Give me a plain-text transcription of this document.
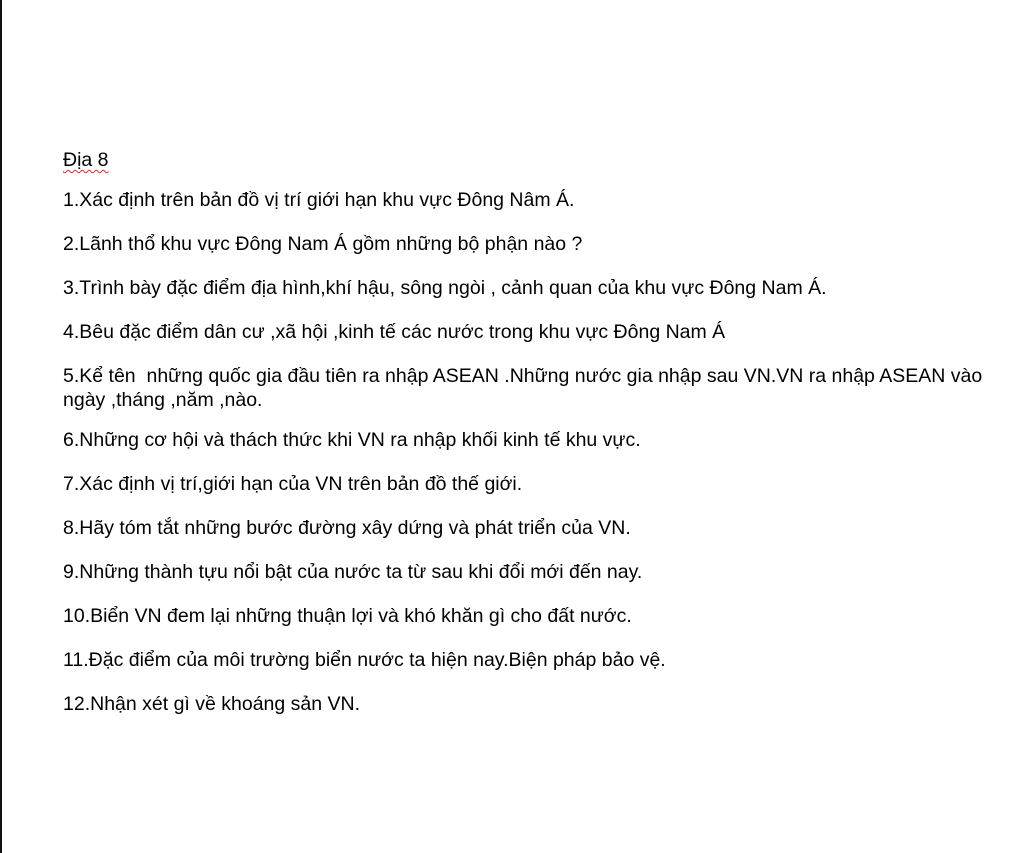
Địa 8
1.Xác định trên bản đồ vị trí giới hạn khu vực Đông Nâm Á.
2.Lãnh thổ khu vực Đông Nam Á gồm những bộ phận nào ?
3.Trình bày đặc điểm địa hình,khí hậu, sông ngòi , cảnh quan của khu vực Đông Nam Á.
4.Bêu đặc điểm dân cư ,xã hội ,kinh tế các nước trong khu vực Đông Nam Á
5.Kể tên  những quốc gia đầu tiên ra nhập ASEAN .Những nước gia nhập sau VN.VN ra nhập ASEAN vào ngày ,tháng ,năm ,nào.
6.Những cơ hội và thách thức khi VN ra nhập khối kinh tế khu vực.
7.Xác định vị trí,giới hạn của VN trên bản đồ thế giới.
8.Hãy tóm tắt những bước đường xây dứng và phát triển của VN.
9.Những thành tựu nổi bật của nước ta từ sau khi đổi mới đến nay.
10.Biển VN đem lại những thuận lợi và khó khăn gì cho đất nước.
11.Đặc điểm của môi trường biển nước ta hiện nay.Biện pháp bảo vệ.
12.Nhận xét gì về khoáng sản VN.
